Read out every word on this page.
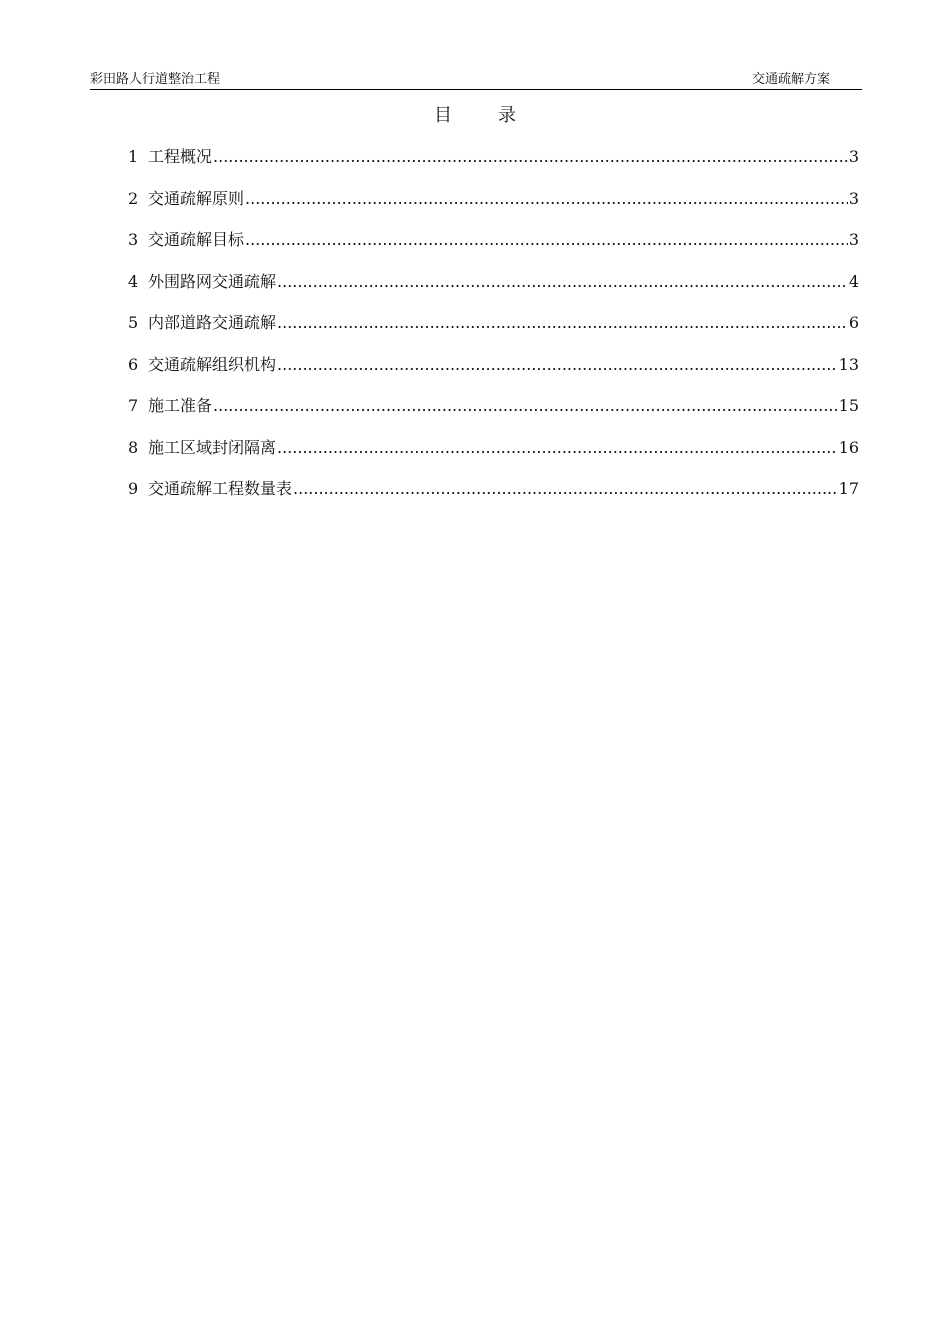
彩田路人行道整治工程	交通疏解方案
目	录
1 工程概况 .....	3
2 交通疏解原则 .....	3
3 交通疏解目标 .....	3
4 外围路网交通疏解 .....	4
5 内部道路交通疏解 .....	6
6 交通疏解组织机构 .....	13
7 施工准备 .....	15
8 施工区域封闭隔离 .....	16
9 交通疏解工程数量表 .....	17
